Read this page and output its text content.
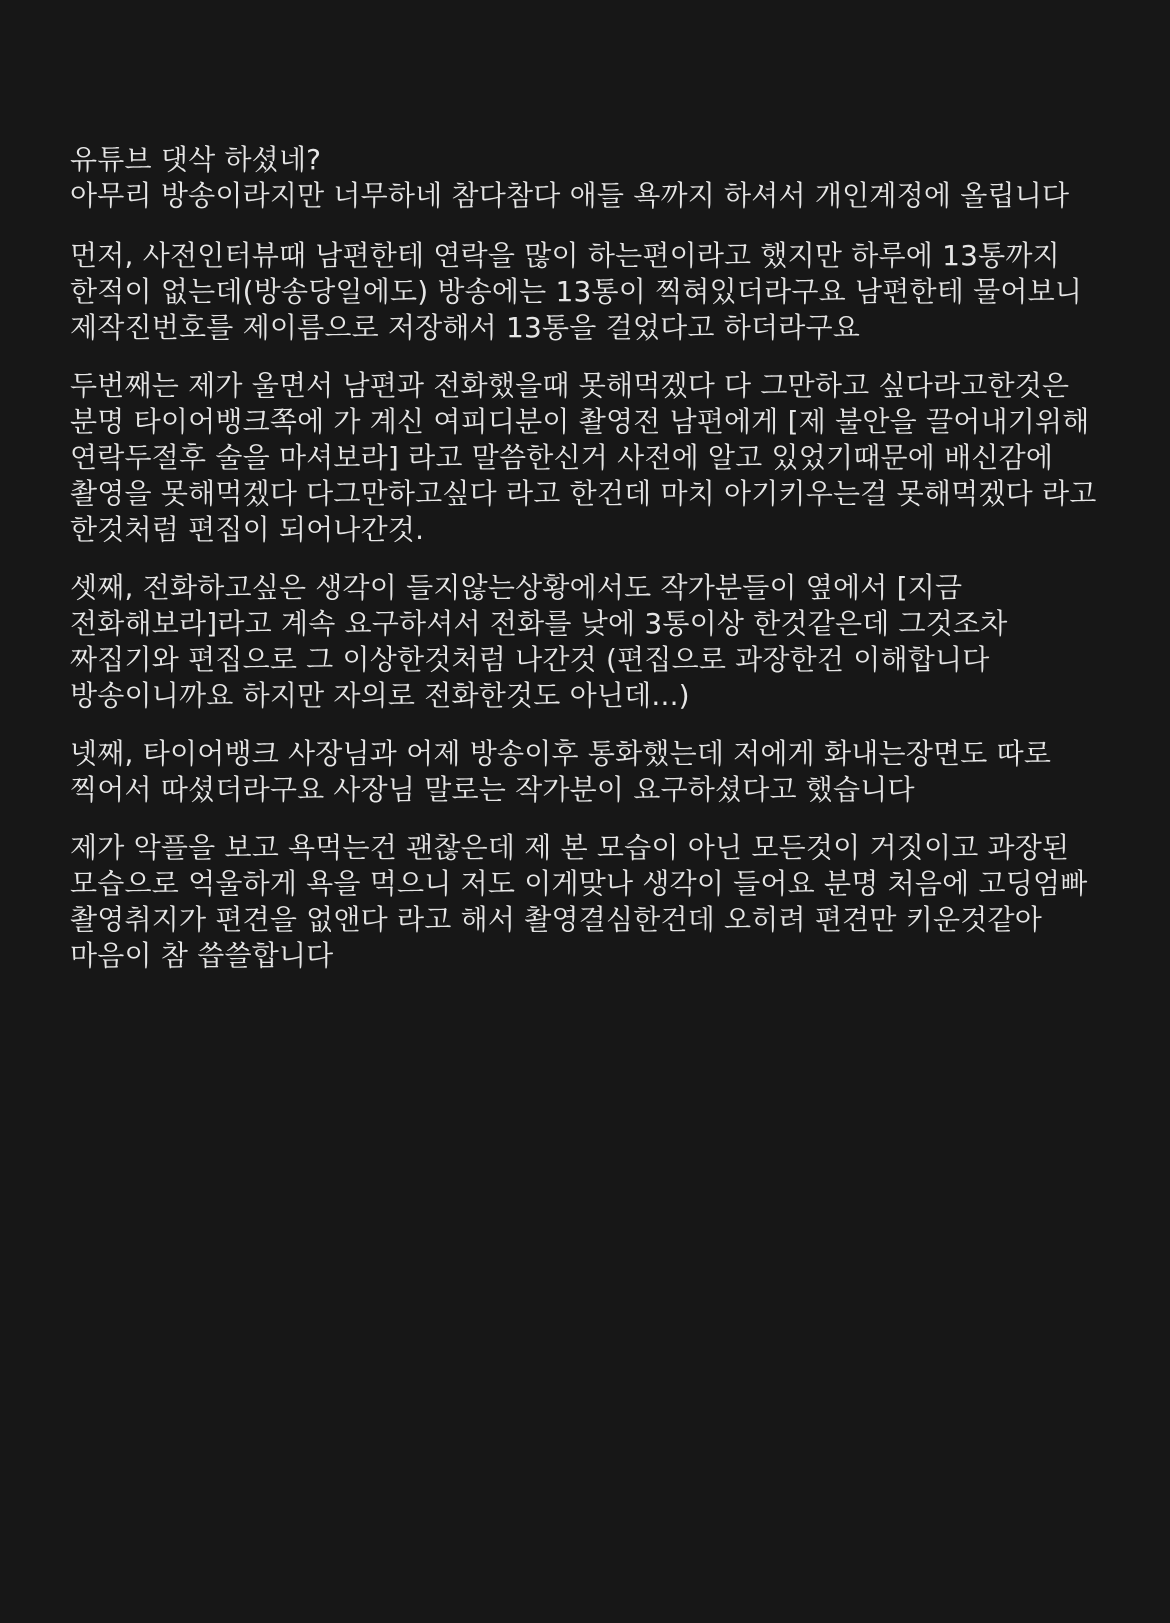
유튜브 댓삭 하셨네?
아무리 방송이라지만 너무하네 참다참다 애들 욕까지 하셔서 개인계정에 올립니다

먼저, 사전인터뷰때 남편한테 연락을 많이 하는편이라고 했지만 하루에 13통까지 한적이 없는데(방송당일에도) 방송에는 13통이 찍혀있더라구요 남편한테 물어보니 제작진번호를 제이름으로 저장해서 13통을 걸었다고 하더라구요

두번째는 제가 울면서 남편과 전화했을때 못해먹겠다 다 그만하고 싶다라고한것은 분명 타이어뱅크쪽에 가 계신 여피디분이 촬영전 남편에게 [제 불안을 끌어내기위해 연락두절후 술을 마셔보라] 라고 말씀한신거 사전에 알고 있었기때문에 배신감에 촬영을 못해먹겠다 다그만하고싶다 라고 한건데 마치 아기키우는걸 못해먹겠다 라고 한것처럼 편집이 되어나간것.

셋째, 전화하고싶은 생각이 들지않는상황에서도 작가분들이 옆에서 [지금 전화해보라]라고 계속 요구하셔서 전화를 낮에 3통이상 한것같은데 그것조차 짜집기와 편집으로 그 이상한것처럼 나간것 (편집으로 과장한건 이해합니다 방송이니까요 하지만 자의로 전화한것도 아닌데...)

넷째, 타이어뱅크 사장님과 어제 방송이후 통화했는데 저에게 화내는장면도 따로 찍어서 따셨더라구요 사장님 말로는 작가분이 요구하셨다고 했습니다

제가 악플을 보고 욕먹는건 괜찮은데 제 본 모습이 아닌 모든것이 거짓이고 과장된 모습으로 억울하게 욕을 먹으니 저도 이게맞나 생각이 들어요 분명 처음에 고딩엄빠 촬영취지가 편견을 없앤다 라고 해서 촬영결심한건데 오히려 편견만 키운것같아 마음이 참 씁쓸합니다
